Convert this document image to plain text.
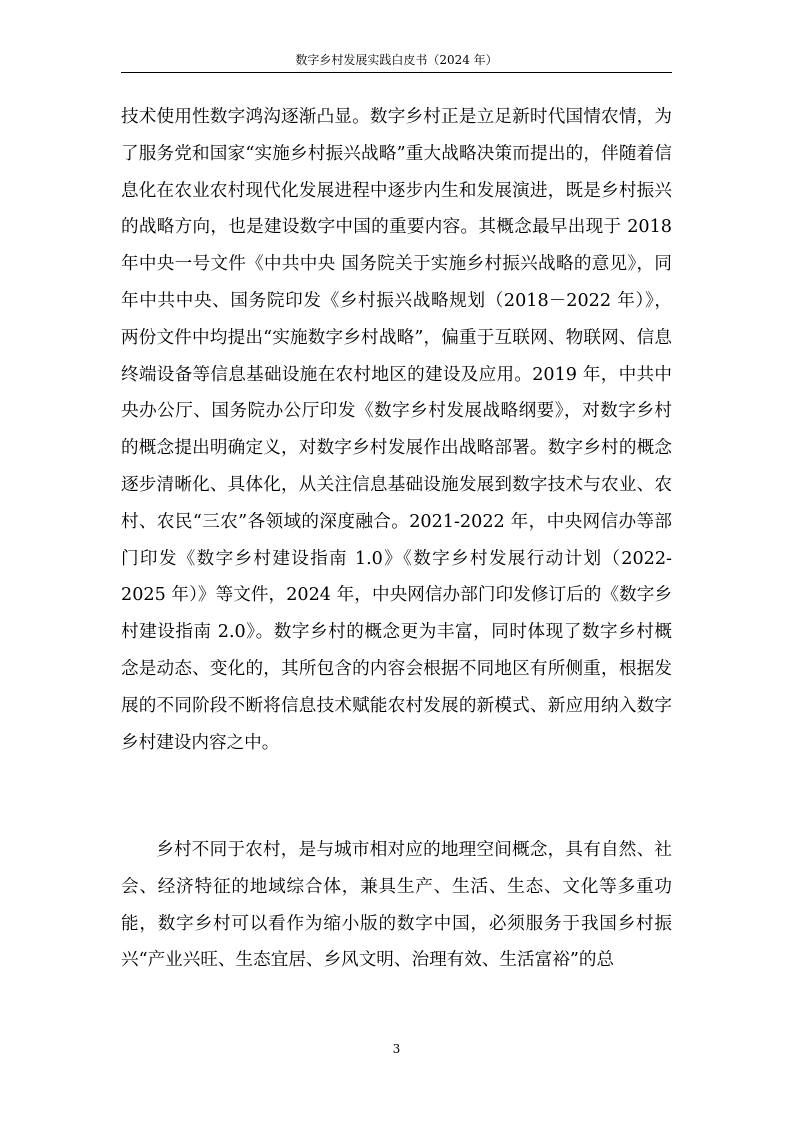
数字乡村发展实践白皮书（2024 年）

技术使用性数字鸿沟逐渐凸显。数字乡村正是立足新时代国情农情，为了服务党和国家“实施乡村振兴战略”重大战略决策而提出的，伴随着信息化在农业农村现代化发展进程中逐步内生和发展演进，既是乡村振兴的战略方向，也是建设数字中国的重要内容。其概念最早出现于 2018 年中央一号文件《中共中央 国务院关于实施乡村振兴战略的意见》，同年中共中央、国务院印发《乡村振兴战略规划（2018－2022 年）》，两份文件中均提出“实施数字乡村战略”，偏重于互联网、物联网、信息终端设备等信息基础设施在农村地区的建设及应用。2019 年，中共中央办公厅、国务院办公厅印发《数字乡村发展战略纲要》，对数字乡村的概念提出明确定义，对数字乡村发展作出战略部署。数字乡村的概念逐步清晰化、具体化，从关注信息基础设施发展到数字技术与农业、农村、农民“三农”各领域的深度融合。2021-2022 年，中央网信办等部门印发《数字乡村建设指南 1.0》《数字乡村发展行动计划（2022-2025 年）》等文件，2024 年，中央网信办部门印发修订后的《数字乡村建设指南 2.0》。数字乡村的概念更为丰富，同时体现了数字乡村概念是动态、变化的，其所包含的内容会根据不同地区有所侧重，根据发展的不同阶段不断将信息技术赋能农村发展的新模式、新应用纳入数字乡村建设内容之中。

乡村不同于农村，是与城市相对应的地理空间概念，具有自然、社会、经济特征的地域综合体，兼具生产、生活、生态、文化等多重功能，数字乡村可以看作为缩小版的数字中国，必须服务于我国乡村振兴“产业兴旺、生态宜居、乡风文明、治理有效、生活富裕”的总

3
